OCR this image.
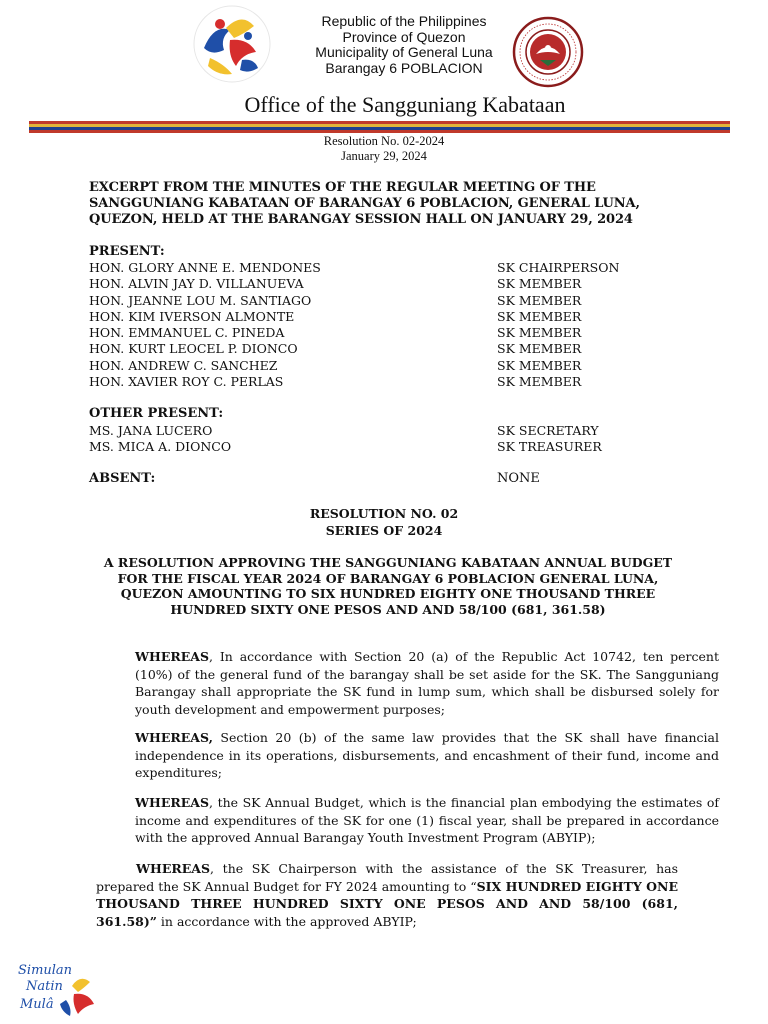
Republic of the Philippines
Province of Quezon
Municipality of General Luna
Barangay 6 POBLACION
Office of the Sangguniang Kabataan
Resolution No. 02-2024
January 29, 2024
EXCERPT FROM THE MINUTES OF THE REGULAR MEETING OF THE SANGGUNIANG KABATAAN OF BARANGAY 6 POBLACION, GENERAL LUNA, QUEZON, HELD AT THE BARANGAY SESSION HALL ON JANUARY 29, 2024
PRESENT:
HON. GLORY ANNE E. MENDONES	SK CHAIRPERSON
HON. ALVIN JAY D. VILLANUEVA	SK MEMBER
HON. JEANNE LOU M. SANTIAGO	SK MEMBER
HON. KIM IVERSON ALMONTE	SK MEMBER
HON. EMMANUEL C. PINEDA	SK MEMBER
HON. KURT LEOCEL P. DIONCO	SK MEMBER
HON. ANDREW C. SANCHEZ	SK MEMBER
HON. XAVIER ROY C. PERLAS	SK MEMBER
OTHER PRESENT:
MS. JANA LUCERO	SK SECRETARY
MS. MICA A. DIONCO	SK TREASURER
ABSENT:	NONE
RESOLUTION NO. 02
SERIES OF 2024
A RESOLUTION APPROVING THE SANGGUNIANG KABATAAN ANNUAL BUDGET FOR THE FISCAL YEAR 2024 OF BARANGAY 6 POBLACION GENERAL LUNA, QUEZON AMOUNTING TO SIX HUNDRED EIGHTY ONE THOUSAND THREE HUNDRED SIXTY ONE PESOS AND AND 58/100 (681, 361.58)
WHEREAS, In accordance with Section 20 (a) of the Republic Act 10742, ten percent (10%) of the general fund of the barangay shall be set aside for the SK. The Sangguniang Barangay shall appropriate the SK fund in lump sum, which shall be disbursed solely for youth development and empowerment purposes;
WHEREAS, Section 20 (b) of the same law provides that the SK shall have financial independence in its operations, disbursements, and encashment of their fund, income and expenditures;
WHEREAS, the SK Annual Budget, which is the financial plan embodying the estimates of income and expenditures of the SK for one (1) fiscal year, shall be prepared in accordance with the approved Annual Barangay Youth Investment Program (ABYIP);
WHEREAS, the SK Chairperson with the assistance of the SK Treasurer, has prepared the SK Annual Budget for FY 2024 amounting to “SIX HUNDRED EIGHTY ONE THOUSAND THREE HUNDRED SIXTY ONE PESOS AND AND 58/100 (681, 361.58)” in accordance with the approved ABYIP;
Simulan
Natin
Mulâ
